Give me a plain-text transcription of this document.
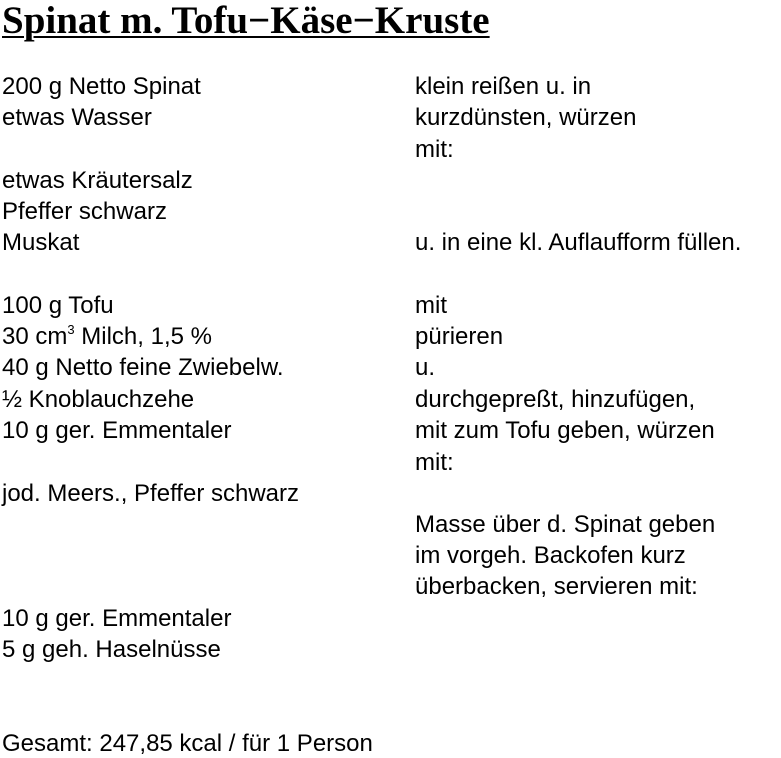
Spinat m. Tofu−Käse−Kruste
200 g Netto Spinat
etwas Wasser
etwas Kräutersalz
Pfeffer schwarz
Muskat
100 g Tofu
30 $cm^3$ Milch, 1,5 %
40 g Netto feine Zwiebelw.
½ Knoblauchzehe
10 g ger. Emmentaler
jod. Meers., Pfeffer schwarz
10 g ger. Emmentaler
5 g geh. Haselnüsse
klein reißen u. in
kurzdünsten, würzen
mit:
u. in eine kl. Auflaufform füllen.
mit
pürieren
u.
durchgepreßt, hinzufügen,
mit zum Tofu geben, würzen
mit:
Masse über d. Spinat geben
im vorgeh. Backofen kurz
überbacken, servieren mit:
Gesamt: 247,85 kcal / für 1 Person
